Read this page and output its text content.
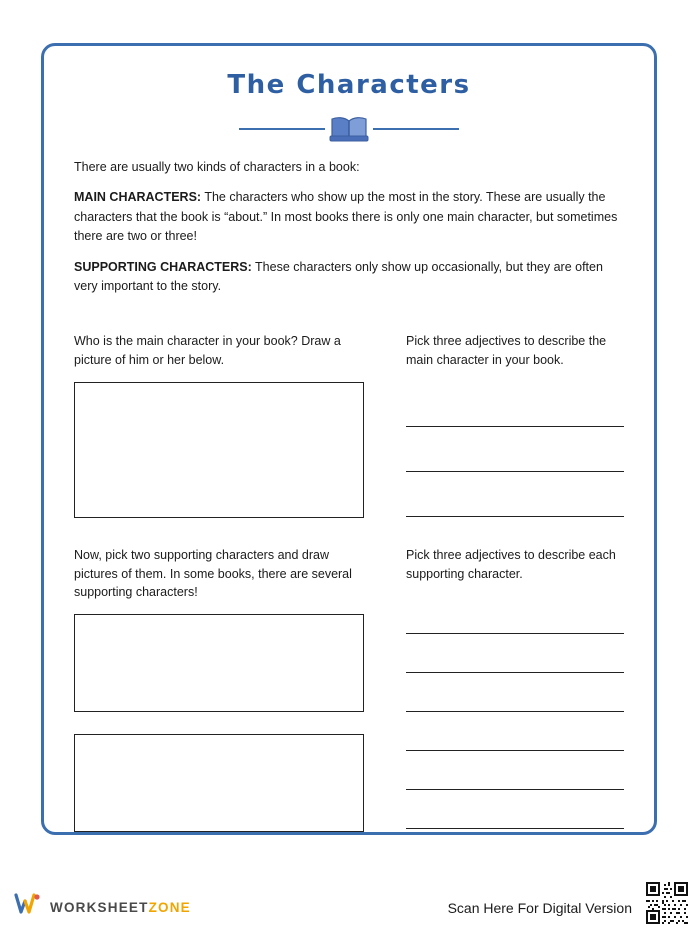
The Characters

There are usually two kinds of characters in a book:

MAIN CHARACTERS: The characters who show up the most in the story. These are usually the characters that the book is “about.” In most books there is only one main character, but sometimes there are two or three!

SUPPORTING CHARACTERS: These characters only show up occasionally, but they are often very important to the story.

Who is the main character in your book? Draw a picture of him or her below.
Pick three adjectives to describe the main character in your book.
Now, pick two supporting characters and draw pictures of them. In some books, there are several supporting characters!
Pick three adjectives to describe each supporting character.
WORKSHEETZONE	Scan Here For Digital Version
